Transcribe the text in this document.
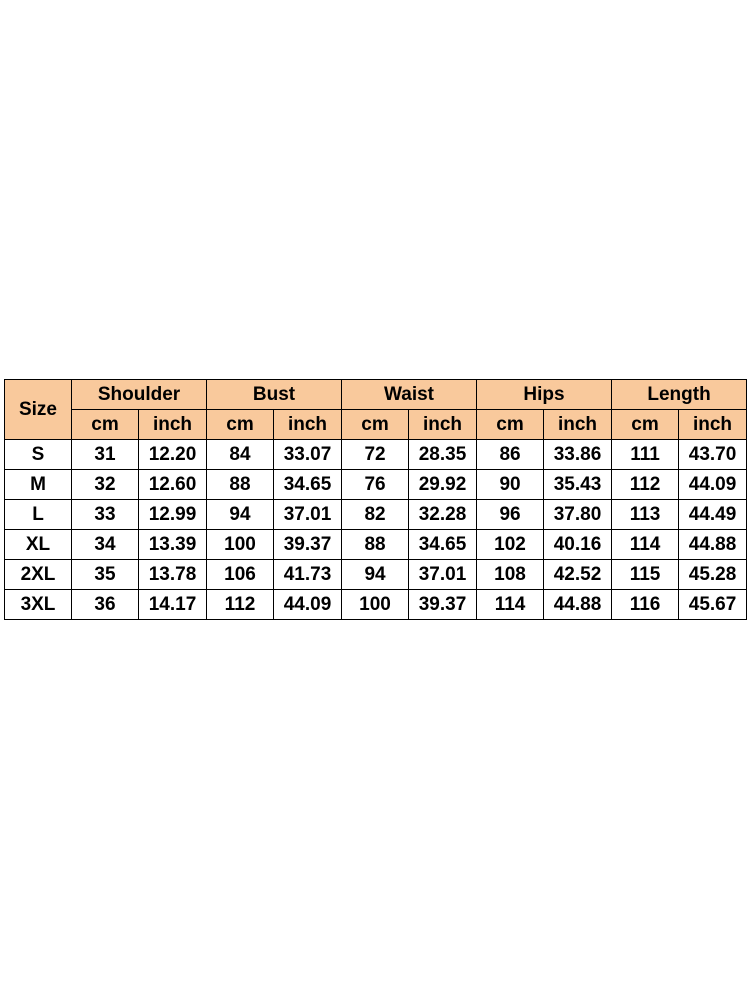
Size	Shoulder		Bust		Waist		Hips		Length	
	cm	inch	cm	inch	cm	inch	cm	inch	cm	inch
S	31	12.20	84	33.07	72	28.35	86	33.86	111	43.70
M	32	12.60	88	34.65	76	29.92	90	35.43	112	44.09
L	33	12.99	94	37.01	82	32.28	96	37.80	113	44.49
XL	34	13.39	100	39.37	88	34.65	102	40.16	114	44.88
2XL	35	13.78	106	41.73	94	37.01	108	42.52	115	45.28
3XL	36	14.17	112	44.09	100	39.37	114	44.88	116	45.67
